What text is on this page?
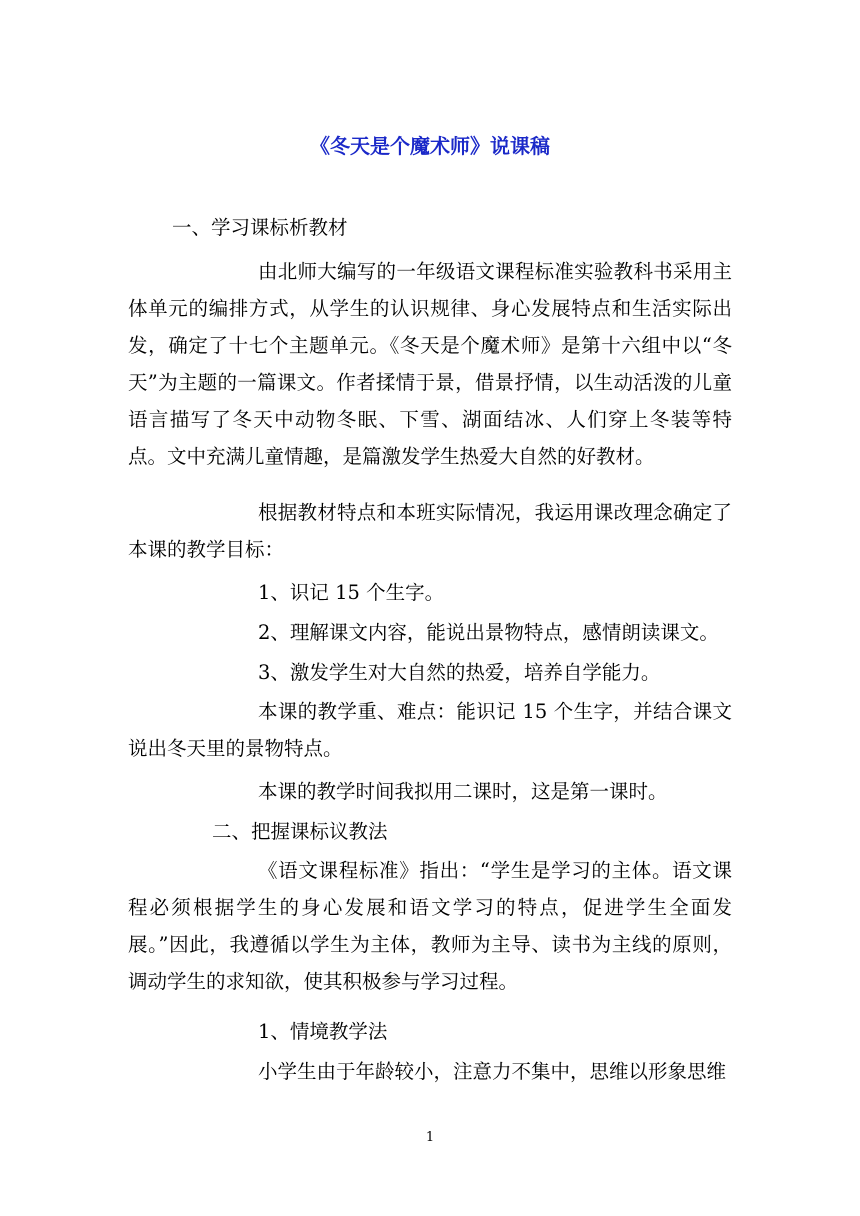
《冬天是个魔术师》说课稿
一、学习课标析教材
由北师大编写的一年级语文课程标准实验教科书采用主体单元的编排方式，从学生的认识规律、身心发展特点和生活实际出发，确定了十七个主题单元。《冬天是个魔术师》是第十六组中以“冬天”为主题的一篇课文。作者揉情于景，借景抒情，以生动活泼的儿童语言描写了冬天中动物冬眠、下雪、湖面结冰、人们穿上冬装等特点。文中充满儿童情趣，是篇激发学生热爱大自然的好教材。
根据教材特点和本班实际情况，我运用课改理念确定了本课的教学目标：
1、识记 15 个生字。
2、理解课文内容，能说出景物特点，感情朗读课文。
3、激发学生对大自然的热爱，培养自学能力。
本课的教学重、难点：能识记 15 个生字，并结合课文说出冬天里的景物特点。
本课的教学时间我拟用二课时，这是第一课时。
二、把握课标议教法
《语文课程标准》指出：“学生是学习的主体。语文课程必须根据学生的身心发展和语文学习的特点，促进学生全面发展。”因此，我遵循以学生为主体，教师为主导、读书为主线的原则，调动学生的求知欲，使其积极参与学习过程。
1、情境教学法
小学生由于年龄较小，注意力不集中，思维以形象思维
1
